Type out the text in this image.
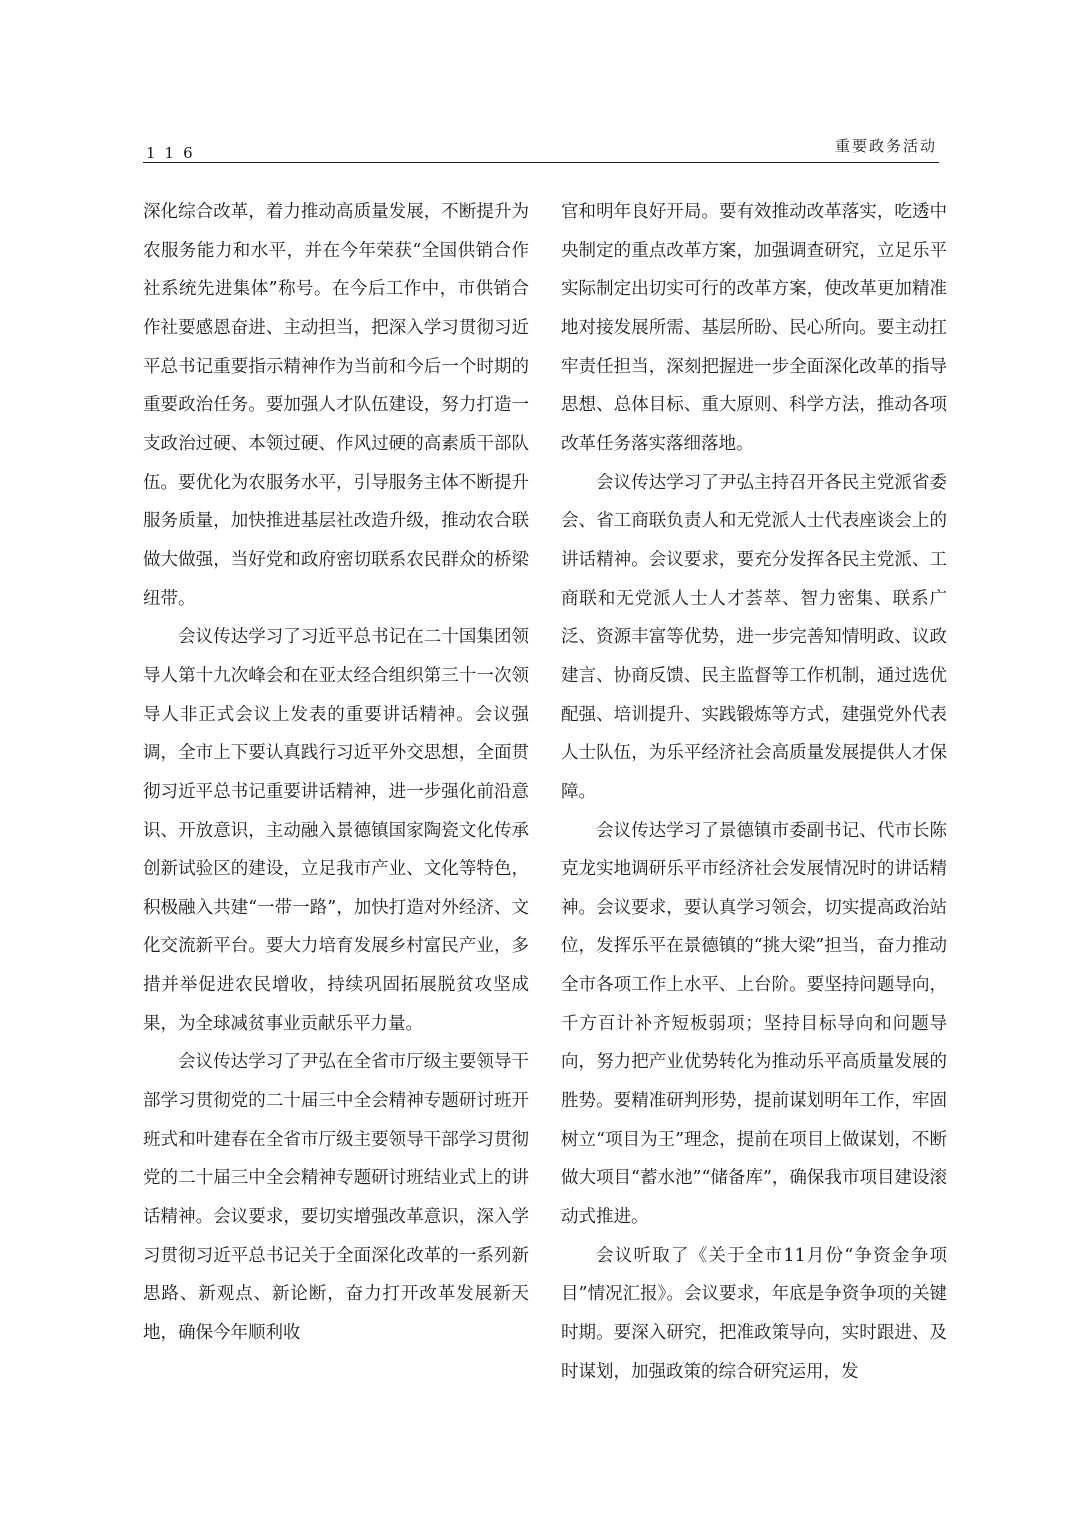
116	重要政务活动

深化综合改革，着力推动高质量发展，不断提升为农服务能力和水平，并在今年荣获“全国供销合作社系统先进集体”称号。在今后工作中，市供销合作社要感恩奋进、主动担当，把深入学习贯彻习近平总书记重要指示精神作为当前和今后一个时期的重要政治任务。要加强人才队伍建设，努力打造一支政治过硬、本领过硬、作风过硬的高素质干部队伍。要优化为农服务水平，引导服务主体不断提升服务质量，加快推进基层社改造升级，推动农合联做大做强，当好党和政府密切联系农民群众的桥梁纽带。

会议传达学习了习近平总书记在二十国集团领导人第十九次峰会和在亚太经合组织第三十一次领导人非正式会议上发表的重要讲话精神。会议强调，全市上下要认真践行习近平外交思想，全面贯彻习近平总书记重要讲话精神，进一步强化前沿意识、开放意识，主动融入景德镇国家陶瓷文化传承创新试验区的建设，立足我市产业、文化等特色，积极融入共建“一带一路”，加快打造对外经济、文化交流新平台。要大力培育发展乡村富民产业，多措并举促进农民增收，持续巩固拓展脱贫攻坚成果，为全球减贫事业贡献乐平力量。

会议传达学习了尹弘在全省市厅级主要领导干部学习贯彻党的二十届三中全会精神专题研讨班开班式和叶建春在全省市厅级主要领导干部学习贯彻党的二十届三中全会精神专题研讨班结业式上的讲话精神。会议要求，要切实增强改革意识，深入学习贯彻习近平总书记关于全面深化改革的一系列新思路、新观点、新论断，奋力打开改革发展新天地，确保今年顺利收

官和明年良好开局。要有效推动改革落实，吃透中央制定的重点改革方案，加强调查研究，立足乐平实际制定出切实可行的改革方案，使改革更加精准地对接发展所需、基层所盼、民心所向。要主动扛牢责任担当，深刻把握进一步全面深化改革的指导思想、总体目标、重大原则、科学方法，推动各项改革任务落实落细落地。

会议传达学习了尹弘主持召开各民主党派省委会、省工商联负责人和无党派人士代表座谈会上的讲话精神。会议要求，要充分发挥各民主党派、工商联和无党派人士人才荟萃、智力密集、联系广泛、资源丰富等优势，进一步完善知情明政、议政建言、协商反馈、民主监督等工作机制，通过选优配强、培训提升、实践锻炼等方式，建强党外代表人士队伍，为乐平经济社会高质量发展提供人才保障。

会议传达学习了景德镇市委副书记、代市长陈克龙实地调研乐平市经济社会发展情况时的讲话精神。会议要求，要认真学习领会，切实提高政治站位，发挥乐平在景德镇的“挑大梁”担当，奋力推动全市各项工作上水平、上台阶。要坚持问题导向，千方百计补齐短板弱项；坚持目标导向和问题导向，努力把产业优势转化为推动乐平高质量发展的胜势。要精准研判形势，提前谋划明年工作，牢固树立“项目为王”理念，提前在项目上做谋划，不断做大项目“蓄水池”“储备库”，确保我市项目建设滚动式推进。

会议听取了《关于全市11月份“争资金争项目”情况汇报》。会议要求，年底是争资争项的关键时期。要深入研究，把准政策导向，实时跟进、及时谋划，加强政策的综合研究运用，发
